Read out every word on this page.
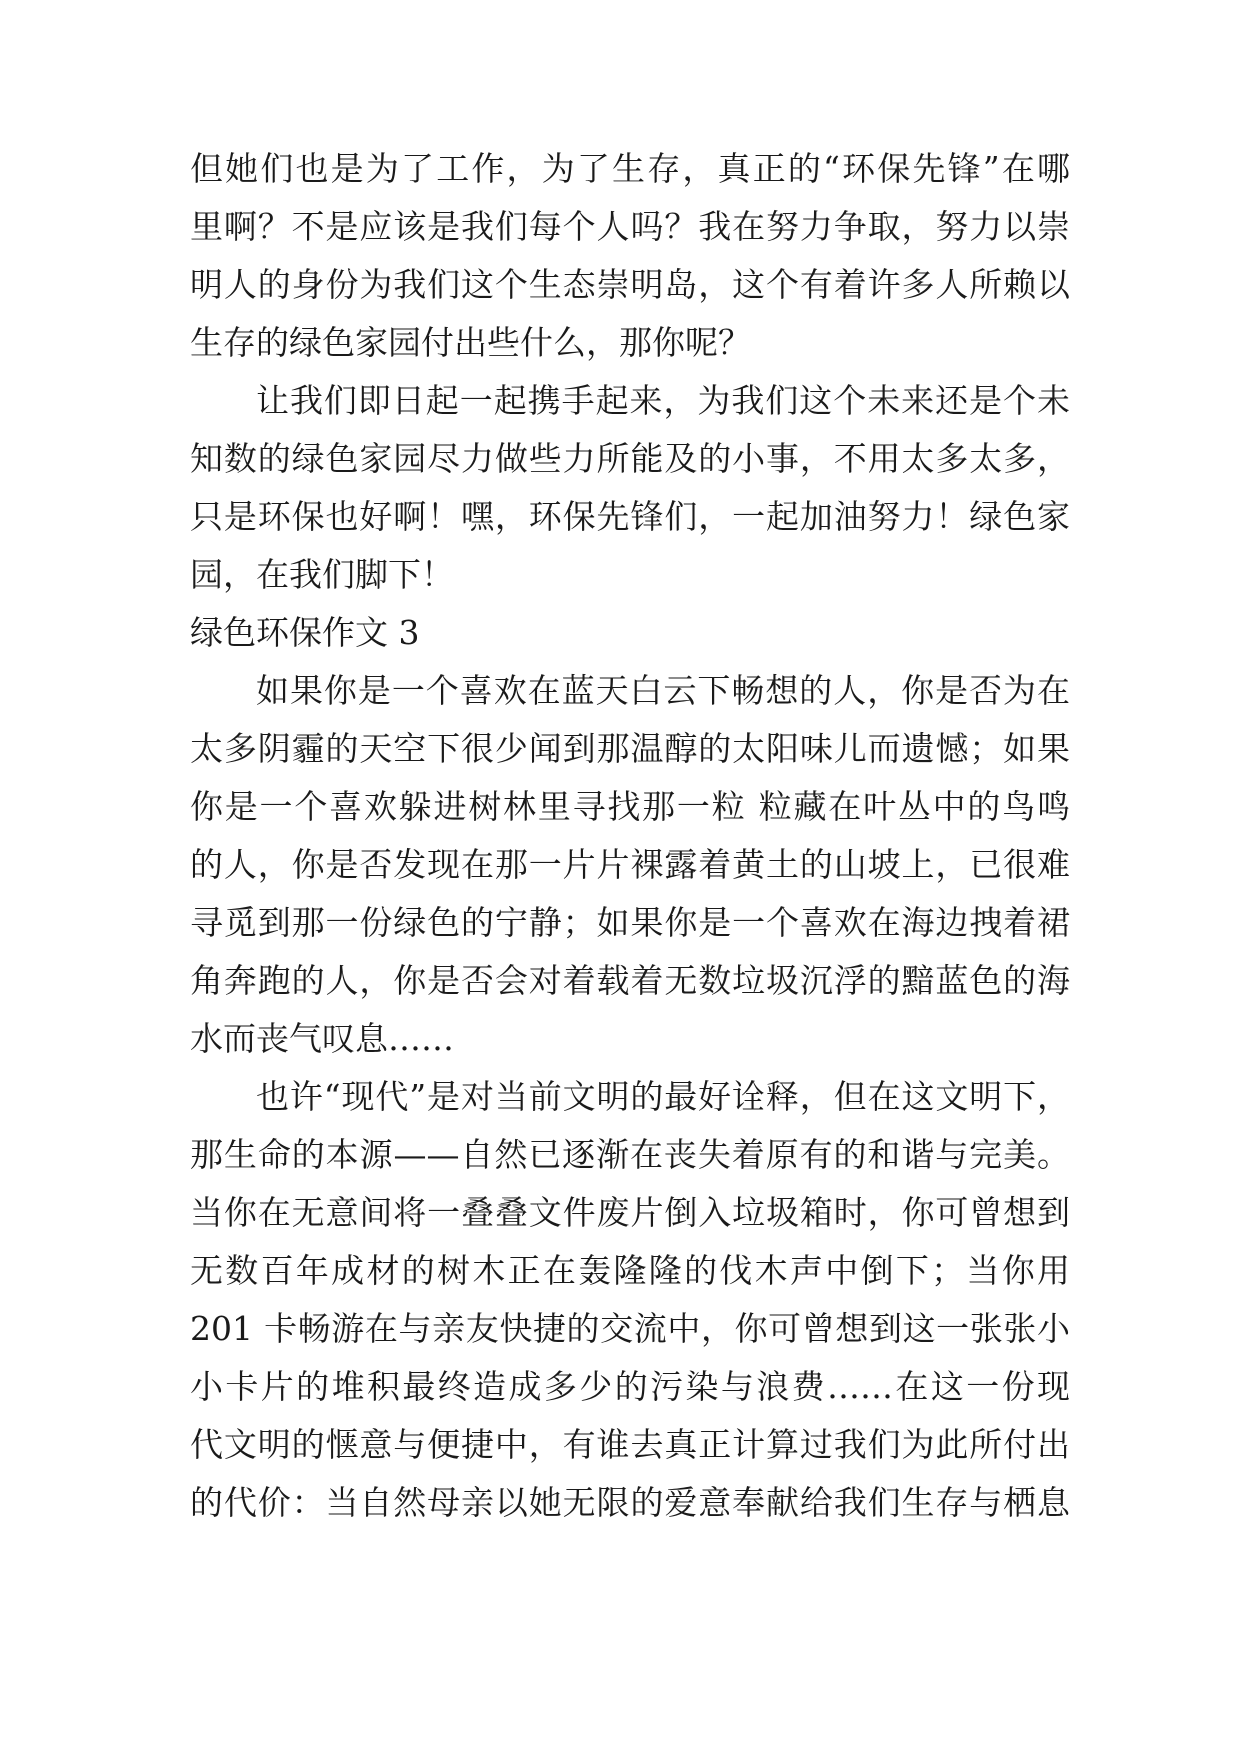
但她们也是为了工作，为了生存，真正的“环保先锋”在哪
里啊？不是应该是我们每个人吗？我在努力争取，努力以崇
明人的身份为我们这个生态崇明岛，这个有着许多人所赖以
生存的绿色家园付出些什么，那你呢？
让我们即日起一起携手起来，为我们这个未来还是个未
知数的绿色家园尽力做些力所能及的小事，不用太多太多，
只是环保也好啊！嘿，环保先锋们，一起加油努力！绿色家
园，在我们脚下！
绿色环保作文 3
如果你是一个喜欢在蓝天白云下畅想的人，你是否为在
太多阴霾的天空下很少闻到那温醇的太阳味儿而遗憾；如果
你是一个喜欢躲进树林里寻找那一粒 粒藏在叶丛中的鸟鸣
的人，你是否发现在那一片片裸露着黄土的山坡上，已很难
寻觅到那一份绿色的宁静；如果你是一个喜欢在海边拽着裙
角奔跑的人，你是否会对着载着无数垃圾沉浮的黯蓝色的海
水而丧气叹息……
也许“现代”是对当前文明的最好诠释，但在这文明下，
那生命的本源——自然已逐渐在丧失着原有的和谐与完美。
当你在无意间将一叠叠文件废片倒入垃圾箱时，你可曾想到
无数百年成材的树木正在轰隆隆的伐木声中倒下；当你用
201 卡畅游在与亲友快捷的交流中，你可曾想到这一张张小
小卡片的堆积最终造成多少的污染与浪费……在这一份现
代文明的惬意与便捷中，有谁去真正计算过我们为此所付出
的代价：当自然母亲以她无限的爱意奉献给我们生存与栖息
